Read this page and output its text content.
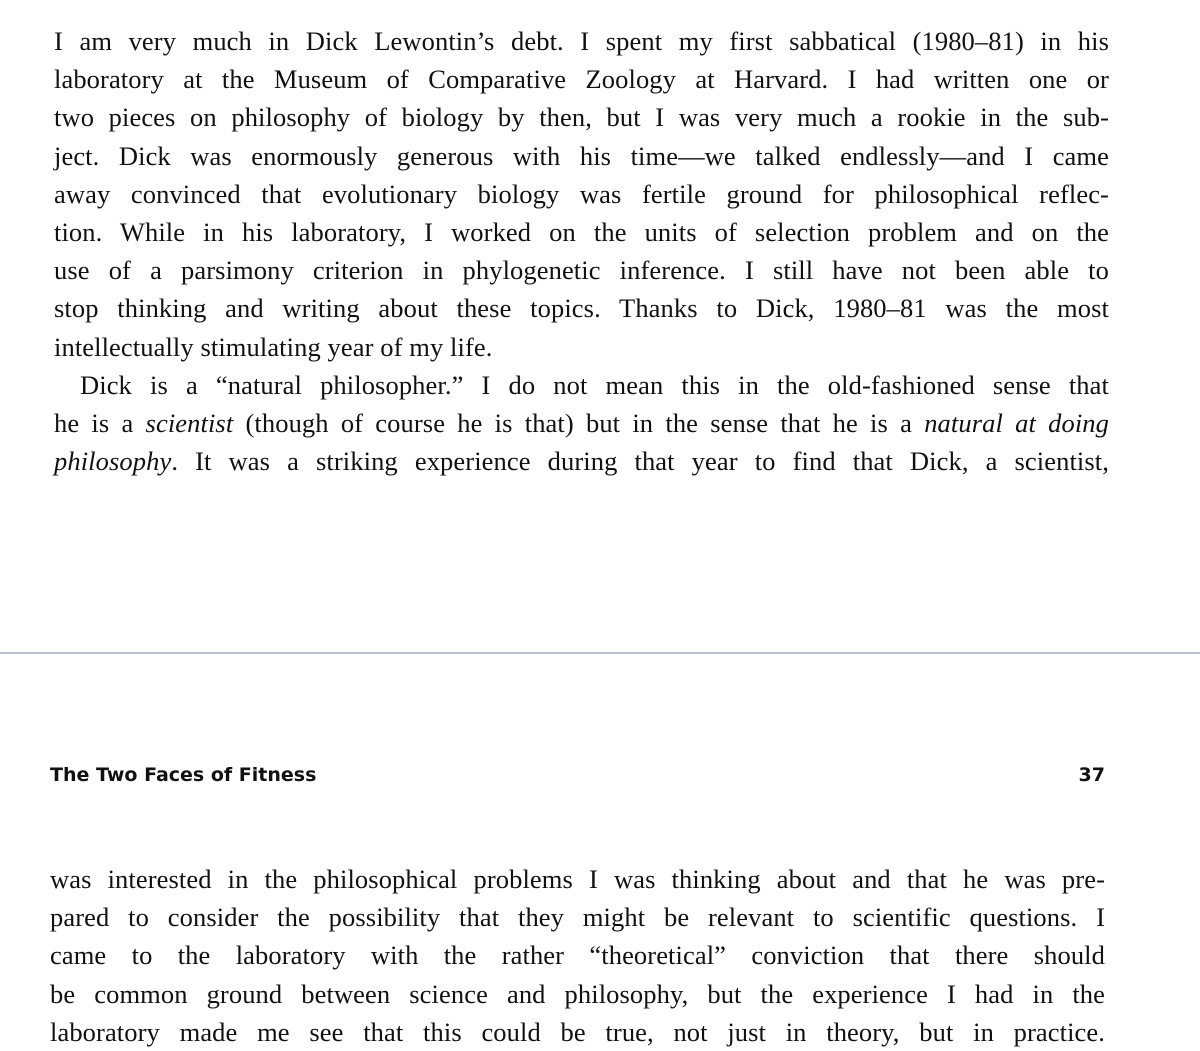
I am very much in Dick Lewontin’s debt. I spent my first sabbatical (1980–81) in his
laboratory at the Museum of Comparative Zoology at Harvard. I had written one or
two pieces on philosophy of biology by then, but I was very much a rookie in the sub-
ject. Dick was enormously generous with his time—we talked endlessly—and I came
away convinced that evolutionary biology was fertile ground for philosophical reflec-
tion. While in his laboratory, I worked on the units of selection problem and on the
use of a parsimony criterion in phylogenetic inference. I still have not been able to
stop thinking and writing about these topics. Thanks to Dick, 1980–81 was the most
intellectually stimulating year of my life.
Dick is a “natural philosopher.” I do not mean this in the old-fashioned sense that
he is a scientist (though of course he is that) but in the sense that he is a natural at doing
philosophy. It was a striking experience during that year to find that Dick, a scientist,
The Two Faces of Fitness	37
was interested in the philosophical problems I was thinking about and that he was pre-
pared to consider the possibility that they might be relevant to scientific questions. I
came to the laboratory with the rather “theoretical” conviction that there should
be common ground between science and philosophy, but the experience I had in the
laboratory made me see that this could be true, not just in theory, but in practice.
